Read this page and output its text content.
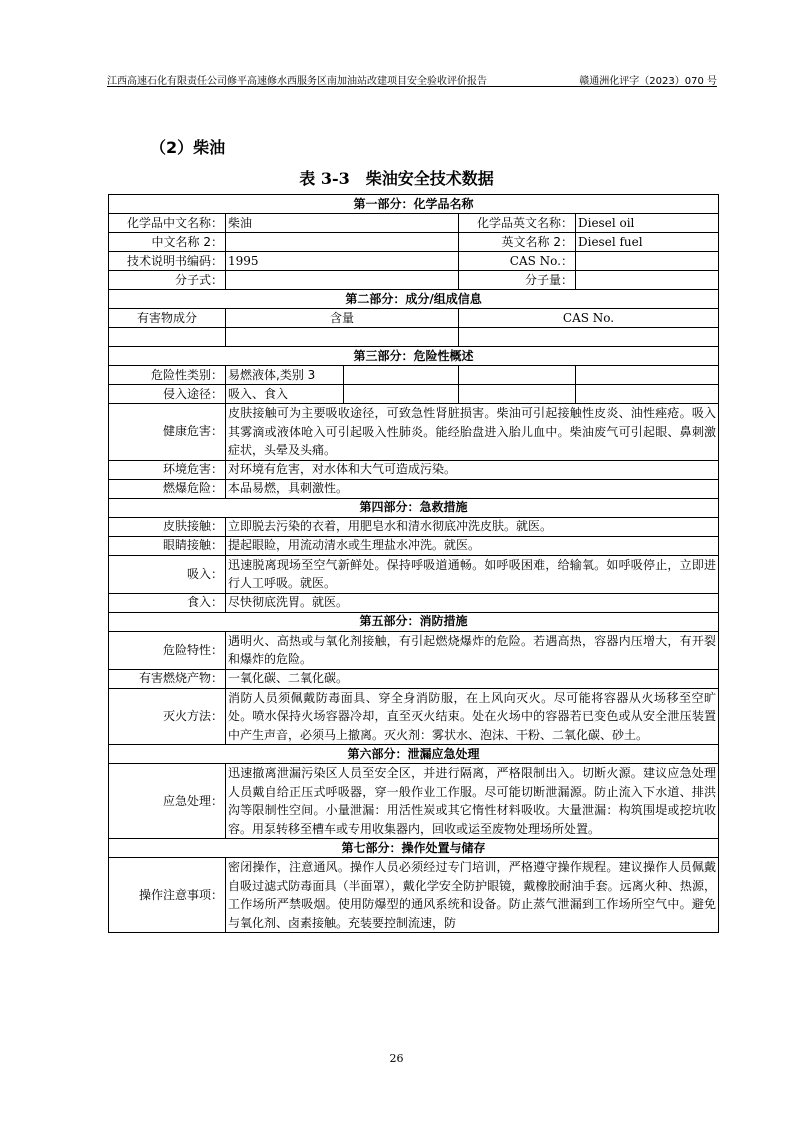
江西高速石化有限责任公司修平高速修水西服务区南加油站改建项目安全验收评价报告	赣通洲化评字（2023）070 号
（2）柴油
表 3-3　柴油安全技术数据
第一部分：化学品名称				
化学品中文名称：	柴油		化学品英文名称：	Diesel oil
中文名称 2：			英文名称 2：	Diesel fuel
技术说明书编码：	1995		CAS No.：	
分子式：			分子量：	
第二部分：成分/组成信息				
有害物成分	含量		CAS No.	

第三部分：危险性概述				
危险性类别：	易燃液体,类别 3			
侵入途径：	吸入、食入			
健康危害：	皮肤接触可为主要吸收途径，可致急性肾脏损害。柴油可引起接触性皮炎、油性痤疮。吸入其雾滴或液体呛入可引起吸入性肺炎。能经胎盘进入胎儿血中。柴油废气可引起眼、鼻刺激症状，头晕及头痛。			
环境危害：	对环境有危害，对水体和大气可造成污染。			
燃爆危险：	本品易燃，具刺激性。			
第四部分：急救措施				
皮肤接触：	立即脱去污染的衣着，用肥皂水和清水彻底冲洗皮肤。就医。			
眼睛接触：	提起眼睑，用流动清水或生理盐水冲洗。就医。			
吸入：	迅速脱离现场至空气新鲜处。保持呼吸道通畅。如呼吸困难，给输氧。如呼吸停止，立即进行人工呼吸。就医。			
食入：	尽快彻底洗胃。就医。			
第五部分：消防措施				
危险特性：	遇明火、高热或与氧化剂接触，有引起燃烧爆炸的危险。若遇高热，容器内压增大，有开裂和爆炸的危险。			
有害燃烧产物：	一氧化碳、二氧化碳。			
灭火方法：	消防人员须佩戴防毒面具、穿全身消防服，在上风向灭火。尽可能将容器从火场移至空旷处。喷水保持火场容器冷却，直至灭火结束。处在火场中的容器若已变色或从安全泄压装置中产生声音，必须马上撤离。灭火剂：雾状水、泡沫、干粉、二氧化碳、砂土。			
第六部分：泄漏应急处理				
应急处理：	迅速撤离泄漏污染区人员至安全区，并进行隔离，严格限制出入。切断火源。建议应急处理人员戴自给正压式呼吸器，穿一般作业工作服。尽可能切断泄漏源。防止流入下水道、排洪沟等限制性空间。小量泄漏：用活性炭或其它惰性材料吸收。大量泄漏：构筑围堤或挖坑收容。用泵转移至槽车或专用收集器内，回收或运至废物处理场所处置。			
第七部分：操作处置与储存				
操作注意事项：	密闭操作，注意通风。操作人员必须经过专门培训，严格遵守操作规程。建议操作人员佩戴自吸过滤式防毒面具（半面罩），戴化学安全防护眼镜，戴橡胶耐油手套。远离火种、热源，工作场所严禁吸烟。使用防爆型的通风系统和设备。防止蒸气泄漏到工作场所空气中。避免与氧化剂、卤素接触。充装要控制流速，防			
26
